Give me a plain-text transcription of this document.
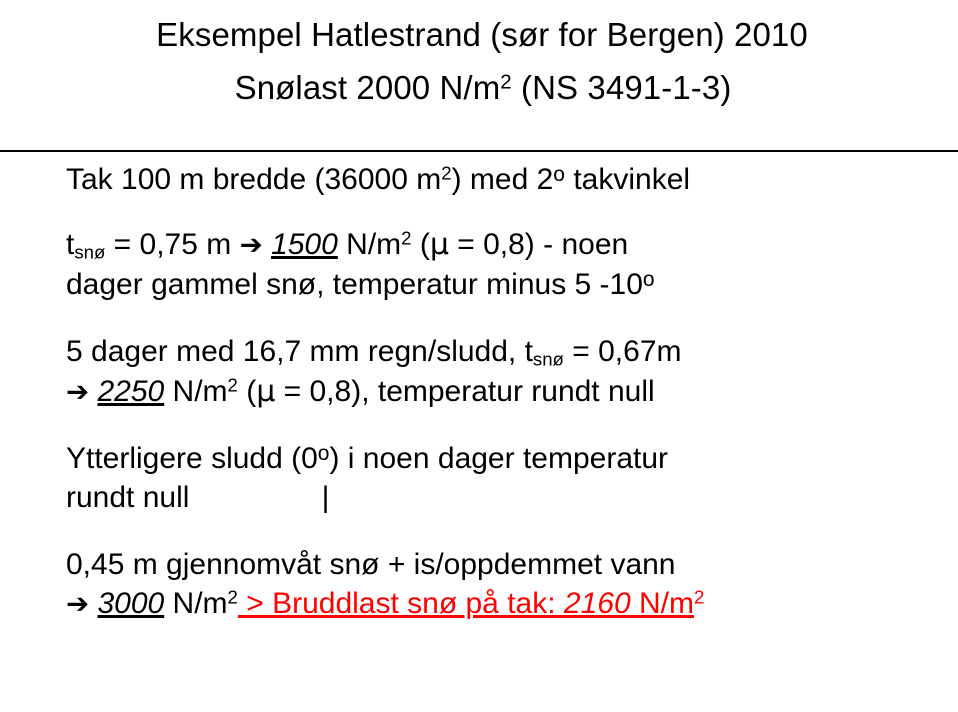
Eksempel Hatlestrand (sør for Bergen) 2010
Snølast 2000 $N/m^2$ (NS 3491-1-3)
Tak 100 m bredde (36000 $m^2$) med 2$^o$ takvinkel
$t_{snø} = 0,75$ m ➔ 1500 $N/m^2$ (μ = 0,8) - noen
dager gammel snø, temperatur minus 5 -10$^o$
5 dager med 16,7 mm regn/sludd, $t_{snø} = 0,67m$
➔ 2250 $N/m^2$ (μ = 0,8), temperatur rundt null
Ytterligere sludd (0$^o$) i noen dager temperatur
rundt null	|
0,45 m gjennomvåt snø + is/oppdemmet vann
➔ 3000 $N/m^2$ > Bruddlast snø på tak: 2160 $N/m^2$
